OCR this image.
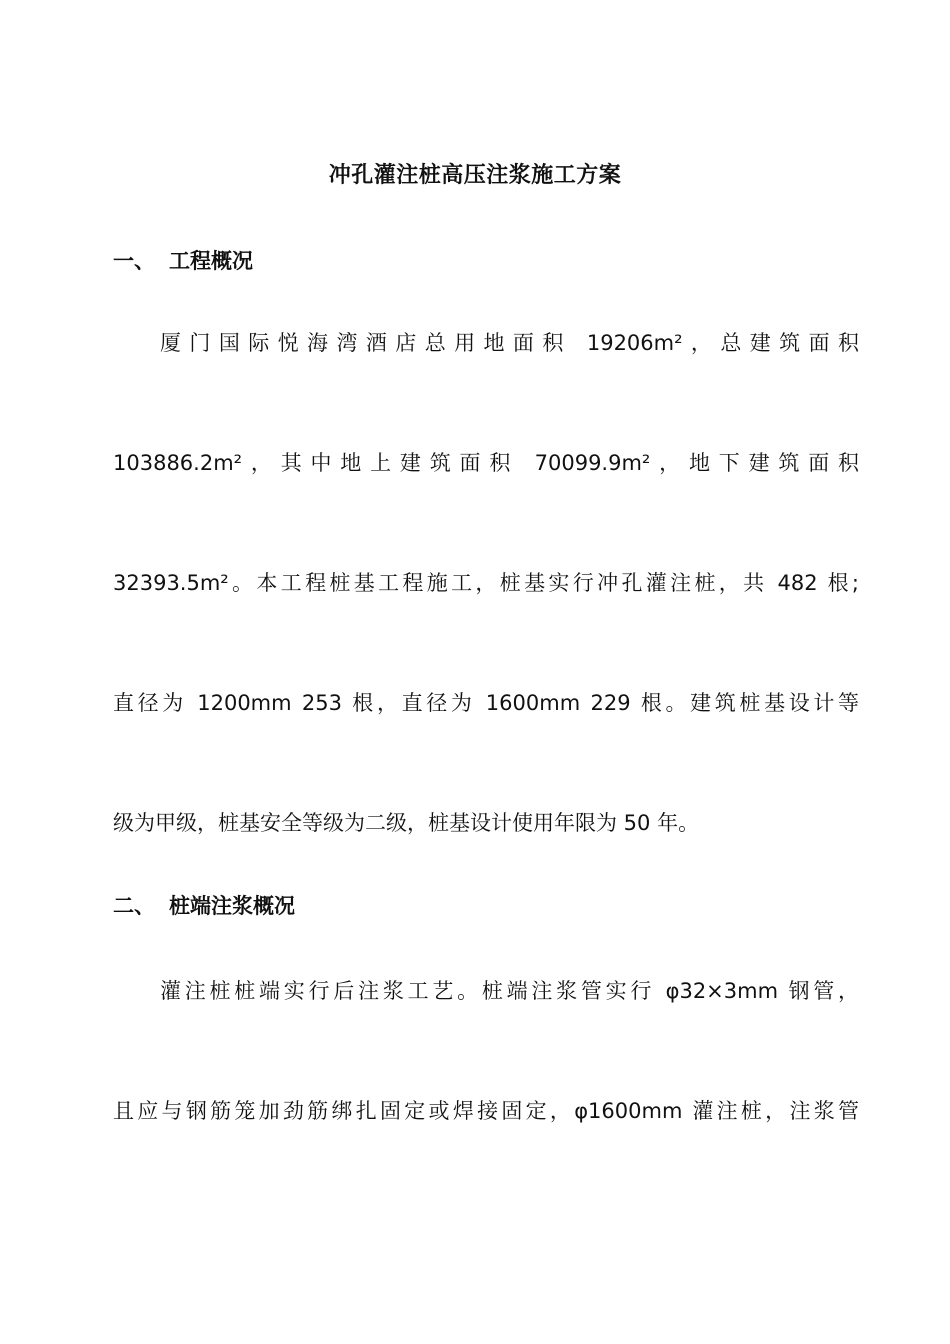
冲孔灌注桩高压注浆施工方案
一、 工程概况
厦门国际悦海湾酒店总用地面积 19206m²，总建筑面积
103886.2m²，其中地上建筑面积 70099.9m²，地下建筑面积
32393.5m²。本工程桩基工程施工，桩基实行冲孔灌注桩，共 482 根;
直径为 1200mm 253 根，直径为 1600mm 229 根。建筑桩基设计等
级为甲级，桩基安全等级为二级，桩基设计使用年限为 50 年。
二、 桩端注浆概况
灌注桩桩端实行后注浆工艺。桩端注浆管实行 φ32×3mm 钢管，
且应与钢筋笼加劲筋绑扎固定或焊接固定，φ1600mm 灌注桩，注浆管
